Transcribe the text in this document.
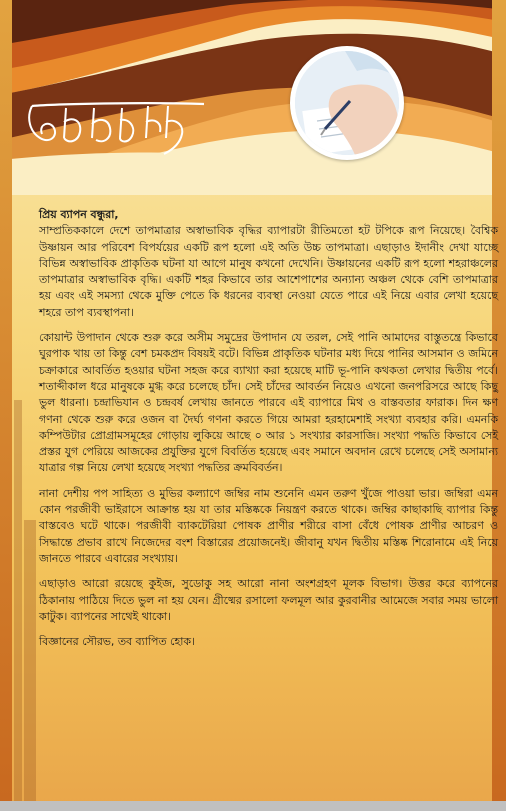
প্রিয় ব্যাপন বন্ধুরা,

সাম্প্রতিককালে দেশে তাপমাত্রার অস্বাভাবিক বৃদ্ধির ব্যাপারটা রীতিমতো হট টপিকে রূপ নিয়েছে। বৈশ্বিক উষ্ণায়ন আর পরিবেশ বিপর্যয়ের একটি রূপ হলো এই অতি উচ্চ তাপমাত্রা। এছাড়াও ইদানীং দেখা যাচ্ছে বিভিন্ন অস্বাভাবিক প্রাকৃতিক ঘটনা যা আগে মানুষ কখনো দেখেনি। উষ্ণায়নের একটি রূপ হলো শহরাঞ্চলের তাপমাত্রার অস্বাভাবিক বৃদ্ধি। একটি শহর কিভাবে তার আশেপাশের অন্যান্য অঞ্চল থেকে বেশি তাপমাত্রার হয় এবং এই সমস্যা থেকে মুক্তি পেতে কি ধরনের ব্যবস্থা নেওয়া যেতে পারে এই নিয়ে এবার লেখা হয়েছে শহরে তাপ ব্যবস্থাপনা।

কোয়ান্ট উপাদান থেকে শুরু করে অসীম সমুদ্রের উপাদান যে তরল, সেই পানি আমাদের বাস্তুতন্ত্রে কিভাবে ঘুরপাক খায় তা কিন্তু বেশ চমকপ্রদ বিষয়ই বটে। বিভিন্ন প্রাকৃতিক ঘটনার মধ্য দিয়ে পানির আসমান ও জমিনে চক্রাকারে আবর্তিত হওয়ার ঘটনা সহজ করে ব্যাখ্যা করা হয়েছে মাটি ভূ-পানি কথকতা লেখার দ্বিতীয় পর্বে। শতাব্দীকাল ধরে মানুষকে মুগ্ধ করে চলেছে চাঁদ। সেই চাঁদের আবর্তন নিয়েও এখনো জনপরিসরে আছে কিছু ভুল ধারনা। চন্দ্রাভিযান ও চন্দ্রবর্ষ লেখায় জানতে পারবে এই ব্যাপারে মিথ ও বাস্তবতার ফারাক। দিন ক্ষণ গণনা থেকে শুরু করে ওজন বা দৈর্ঘ্য গণনা করতে গিয়ে আমরা হরহামেশাই সংখ্যা ব্যবহার করি। এমনকি কম্পিউটার প্রোগ্রামসমূহের গোড়ায় লুকিয়ে আছে ০ আর ১ সংখ্যার কারসাজি। সংখ্যা পদ্ধতি কিভাবে সেই প্রস্তর যুগ পেরিয়ে আজকের প্রযুক্তির যুগে বিবর্তিত হয়েছে এবং সমানে অবদান রেখে চলেছে সেই অসামান্য যাত্রার গল্প নিয়ে লেখা হয়েছে সংখ্যা পদ্ধতির ক্রমবিবর্তন।

নানা দেশীয় পপ সাহিত্য ও মুভির কল্যাণে জম্বির নাম শুনেনি এমন তরুণ খুঁজে পাওয়া ভার। জম্বিরা এমন কোন পরজীবী ভাইরাসে আক্রান্ত হয় যা তার মস্তিষ্ককে নিয়ন্ত্রণ করতে থাকে। জম্বির কাছাকাছি ব্যাপার কিন্তু বাস্তবেও ঘটে থাকে। পরজীবী ব্যাকটেরিয়া পোষক প্রাণীর শরীরে বাসা বেঁধে পোষক প্রাণীর আচরণ ও সিদ্ধান্তে প্রভাব রাখে নিজেদের বংশ বিস্তারের প্রয়োজনেই। জীবানু যখন দ্বিতীয় মস্তিষ্ক শিরোনামে এই নিয়ে জানতে পারবে এবারের সংখ্যায়।

এছাড়াও আরো রয়েছে কুইজ, সুডোকু সহ আরো নানা অংশগ্রহণ মূলক বিভাগ। উত্তর করে ব্যাপনের ঠিকানায় পাঠিয়ে দিতে ভুল না হয় যেন। গ্রীষ্মের রসালো ফলমূল আর কুরবানীর আমেজে সবার সময় ভালো কাটুক। ব্যাপনের সাথেই থাকো।

বিজ্ঞানের সৌরভ, তব ব্যাপিত হোক।
